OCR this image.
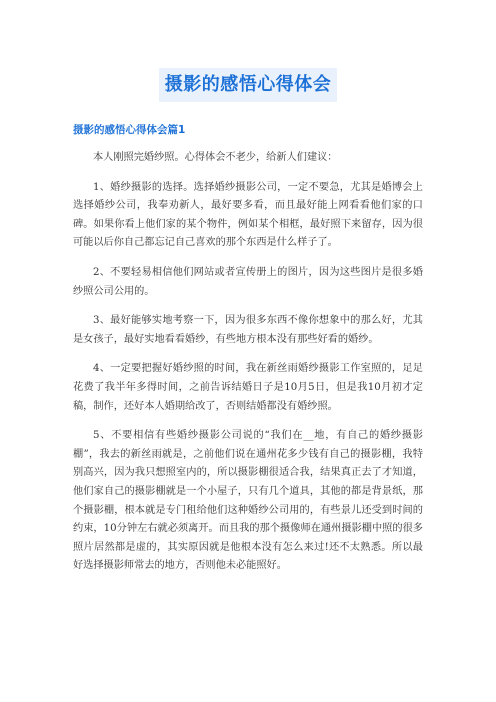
摄影的感悟心得体会
摄影的感悟心得体会篇1

本人刚照完婚纱照。心得体会不老少，给新人们建议：

1、婚纱摄影的选择。选择婚纱摄影公司，一定不要急，尤其是婚博会上选择婚纱公司，我奉劝新人，最好要多看，而且最好能上网看看他们家的口碑。如果你看上他们家的某个物件，例如某个相框，最好照下来留存，因为很可能以后你自己都忘记自己喜欢的那个东西是什么样子了。

2、不要轻易相信他们网站或者宣传册上的图片，因为这些图片是很多婚纱照公司公用的。

3、最好能够实地考察一下，因为很多东西不像你想象中的那么好，尤其是女孩子，最好实地看看婚纱，有些地方根本没有那些好看的婚纱。

4、一定要把握好婚纱照的时间，我在新丝雨婚纱摄影工作室照的，足足花费了我半年多得时间，之前告诉结婚日子是10月5日，但是我10月初才定稿，制作，还好本人婚期给改了，否则结婚都没有婚纱照。

5、不要相信有些婚纱摄影公司说的“我们在__地，有自己的婚纱摄影棚”，我去的新丝雨就是，之前他们说在通州花多少钱有自己的摄影棚，我特别高兴，因为我只想照室内的，所以摄影棚很适合我，结果真正去了才知道，他们家自己的摄影棚就是一个小屋子，只有几个道具，其他的都是背景纸，那个摄影棚，根本就是专门租给他们这种婚纱公司用的，有些景儿还受到时间的约束，10分钟左右就必须离开。而且我的那个摄像师在通州摄影棚中照的很多照片居然都是虚的，其实原因就是他根本没有怎么来过!还不太熟悉。所以最好选择摄影师常去的地方，否则他未必能照好。
